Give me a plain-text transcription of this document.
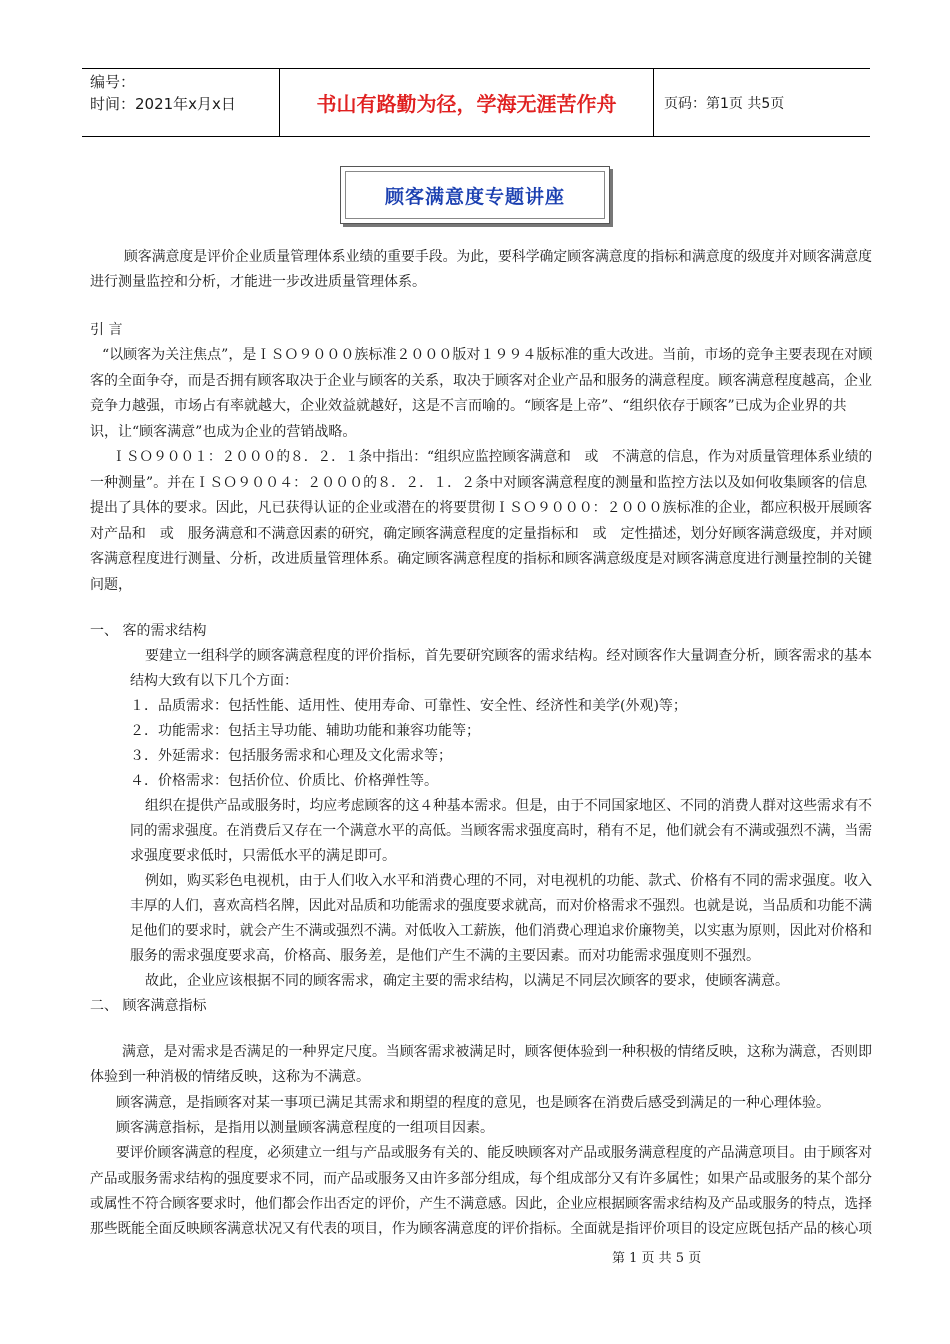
编号：
时间：2021年x月x日	书山有路勤为径，学海无涯苦作舟	页码：第1页 共5页
顾客满意度专题讲座
顾客满意度是评价企业质量管理体系业绩的重要手段。为此，要科学确定顾客满意度的指标和满意度的级度并对顾客满意度
进行测量监控和分析，才能进一步改进质量管理体系。
引 言
“以顾客为关注焦点”，是ＩＳＯ９０００族标准２０００版对１９９４版标准的重大改进。当前，市场的竞争主要表现在对顾
客的全面争夺，而是否拥有顾客取决于企业与顾客的关系，取决于顾客对企业产品和服务的满意程度。顾客满意程度越高，企业
竞争力越强，市场占有率就越大，企业效益就越好，这是不言而喻的。“顾客是上帝”、“组织依存于顾客”已成为企业界的共
识，让“顾客满意”也成为企业的营销战略。
ＩＳＯ９００１：２０００的８．２．１条中指出：“组织应监控顾客满意和　或　不满意的信息，作为对质量管理体系业绩的
一种测量”。并在ＩＳＯ９００４：２０００的８．２．１．２条中对顾客满意程度的测量和监控方法以及如何收集顾客的信息
提出了具体的要求。因此，凡已获得认证的企业或潜在的将要贯彻ＩＳＯ９０００：２０００族标准的企业，都应积极开展顾客
对产品和　或　服务满意和不满意因素的研究，确定顾客满意程度的定量指标和　或　定性描述，划分好顾客满意级度，并对顾
客满意程度进行测量、分析，改进质量管理体系。确定顾客满意程度的指标和顾客满意级度是对顾客满意度进行测量控制的关键
问题，
一、 客的需求结构
要建立一组科学的顾客满意程度的评价指标，首先要研究顾客的需求结构。经对顾客作大量调查分析，顾客需求的基本
结构大致有以下几个方面：
１．品质需求：包括性能、适用性、使用寿命、可靠性、安全性、经济性和美学(外观)等；
２．功能需求：包括主导功能、辅助功能和兼容功能等；
３．外延需求：包括服务需求和心理及文化需求等；
４．价格需求：包括价位、价质比、价格弹性等。
组织在提供产品或服务时，均应考虑顾客的这４种基本需求。但是，由于不同国家地区、不同的消费人群对这些需求有不
同的需求强度。在消费后又存在一个满意水平的高低。当顾客需求强度高时，稍有不足，他们就会有不满或强烈不满，当需
求强度要求低时，只需低水平的满足即可。
例如，购买彩色电视机，由于人们收入水平和消费心理的不同，对电视机的功能、款式、价格有不同的需求强度。收入
丰厚的人们，喜欢高档名牌，因此对品质和功能需求的强度要求就高，而对价格需求不强烈。也就是说，当品质和功能不满
足他们的要求时，就会产生不满或强烈不满。对低收入工薪族，他们消费心理追求价廉物美，以实惠为原则，因此对价格和
服务的需求强度要求高，价格高、服务差，是他们产生不满的主要因素。而对功能需求强度则不强烈。
故此，企业应该根据不同的顾客需求，确定主要的需求结构，以满足不同层次顾客的要求，使顾客满意。
二、 顾客满意指标
满意，是对需求是否满足的一种界定尺度。当顾客需求被满足时，顾客便体验到一种积极的情绪反映，这称为满意，否则即
体验到一种消极的情绪反映，这称为不满意。
顾客满意，是指顾客对某一事项已满足其需求和期望的程度的意见，也是顾客在消费后感受到满足的一种心理体验。
顾客满意指标，是指用以测量顾客满意程度的一组项目因素。
要评价顾客满意的程度，必须建立一组与产品或服务有关的、能反映顾客对产品或服务满意程度的产品满意项目。由于顾客对
产品或服务需求结构的强度要求不同，而产品或服务又由许多部分组成，每个组成部分又有许多属性；如果产品或服务的某个部分
或属性不符合顾客要求时，他们都会作出否定的评价，产生不满意感。因此，企业应根据顾客需求结构及产品或服务的特点，选择
那些既能全面反映顾客满意状况又有代表的项目，作为顾客满意度的评价指标。全面就是指评价项目的设定应既包括产品的核心项
第 1 页 共 5 页
